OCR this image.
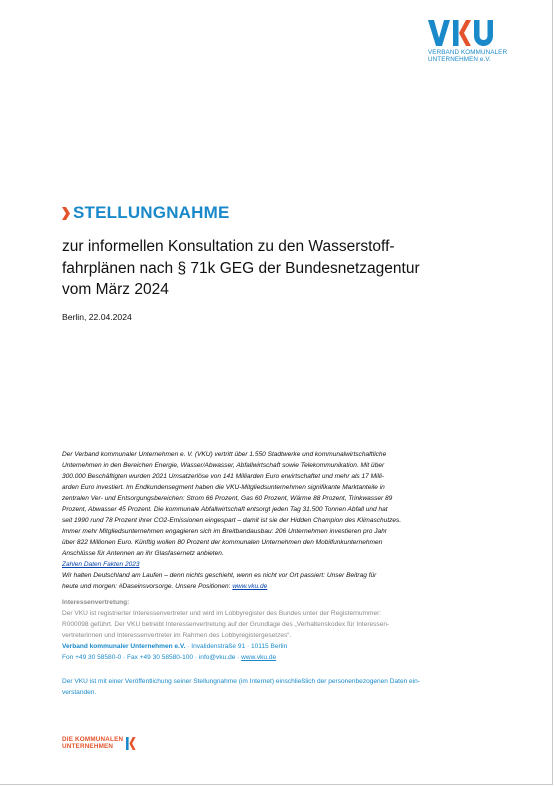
VERBAND KOMMUNALER
UNTERNEHMEN e.V.
STELLUNGNAHME
zur informellen Konsultation zu den Wasserstoff-
fahrplänen nach § 71k GEG der Bundesnetzagentur
vom März 2024
Berlin, 22.04.2024

Der Verband kommunaler Unternehmen e. V. (VKU) vertritt über 1.550 Stadtwerke und kommunalwirtschaftliche

Unternehmen in den Bereichen Energie, Wasser/Abwasser, Abfallwirtschaft sowie Telekommunikation. Mit über

300.000 Beschäftigten wurden 2021 Umsatzerlöse von 141 Milliarden Euro erwirtschaftet und mehr als 17 Milli-

arden Euro investiert. Im Endkundensegment haben die VKU-Mitgliedsunternehmen signifikante Marktanteile in

zentralen Ver- und Entsorgungsbereichen: Strom 66 Prozent, Gas 60 Prozent, Wärme 88 Prozent, Trinkwasser 89

Prozent, Abwasser 45 Prozent. Die kommunale Abfallwirtschaft entsorgt jeden Tag 31.500 Tonnen Abfall und hat

seit 1990 rund 78 Prozent ihrer CO2-Emissionen eingespart – damit ist sie der Hidden Champion des Klimaschutzes.

Immer mehr Mitgliedsunternehmen engagieren sich im Breitbandausbau: 206 Unternehmen investieren pro Jahr

über 822 Millionen Euro. Künftig wollen 80 Prozent der kommunalen Unternehmen den Mobilfunkunternehmen

Anschlüsse für Antennen an ihr Glasfasernetz anbieten.

Zahlen Daten Fakten 2023

Wir halten Deutschland am Laufen – denn nichts geschieht, wenn es nicht vor Ort passiert: Unser Beitrag für

heute und morgen: #Daseinsvorsorge. Unsere Positionen: www.vku.de

Interessenvertretung:

Der VKU ist registrierter Interessenvertreter und wird im Lobbyregister des Bundes unter der Registernummer:

R000098 geführt. Der VKU betreibt Interessenvertretung auf der Grundlage des „Verhaltenskodex für Interessen-

vertreterinnen und Interessenvertreter im Rahmen des Lobbyregistergesetzes“.

Verband kommunaler Unternehmen e.V. · Invalidenstraße 91 · 10115 Berlin

Fon +49 30 58580-0 · Fax +49 30 58580-100 · info@vku.de · www.vku.de

Der VKU ist mit einer Veröffentlichung seiner Stellungnahme (im Internet) einschließlich der personenbezogenen Daten ein-
verstanden.
DIE KOMMUNALEN
UNTERNEHMEN
